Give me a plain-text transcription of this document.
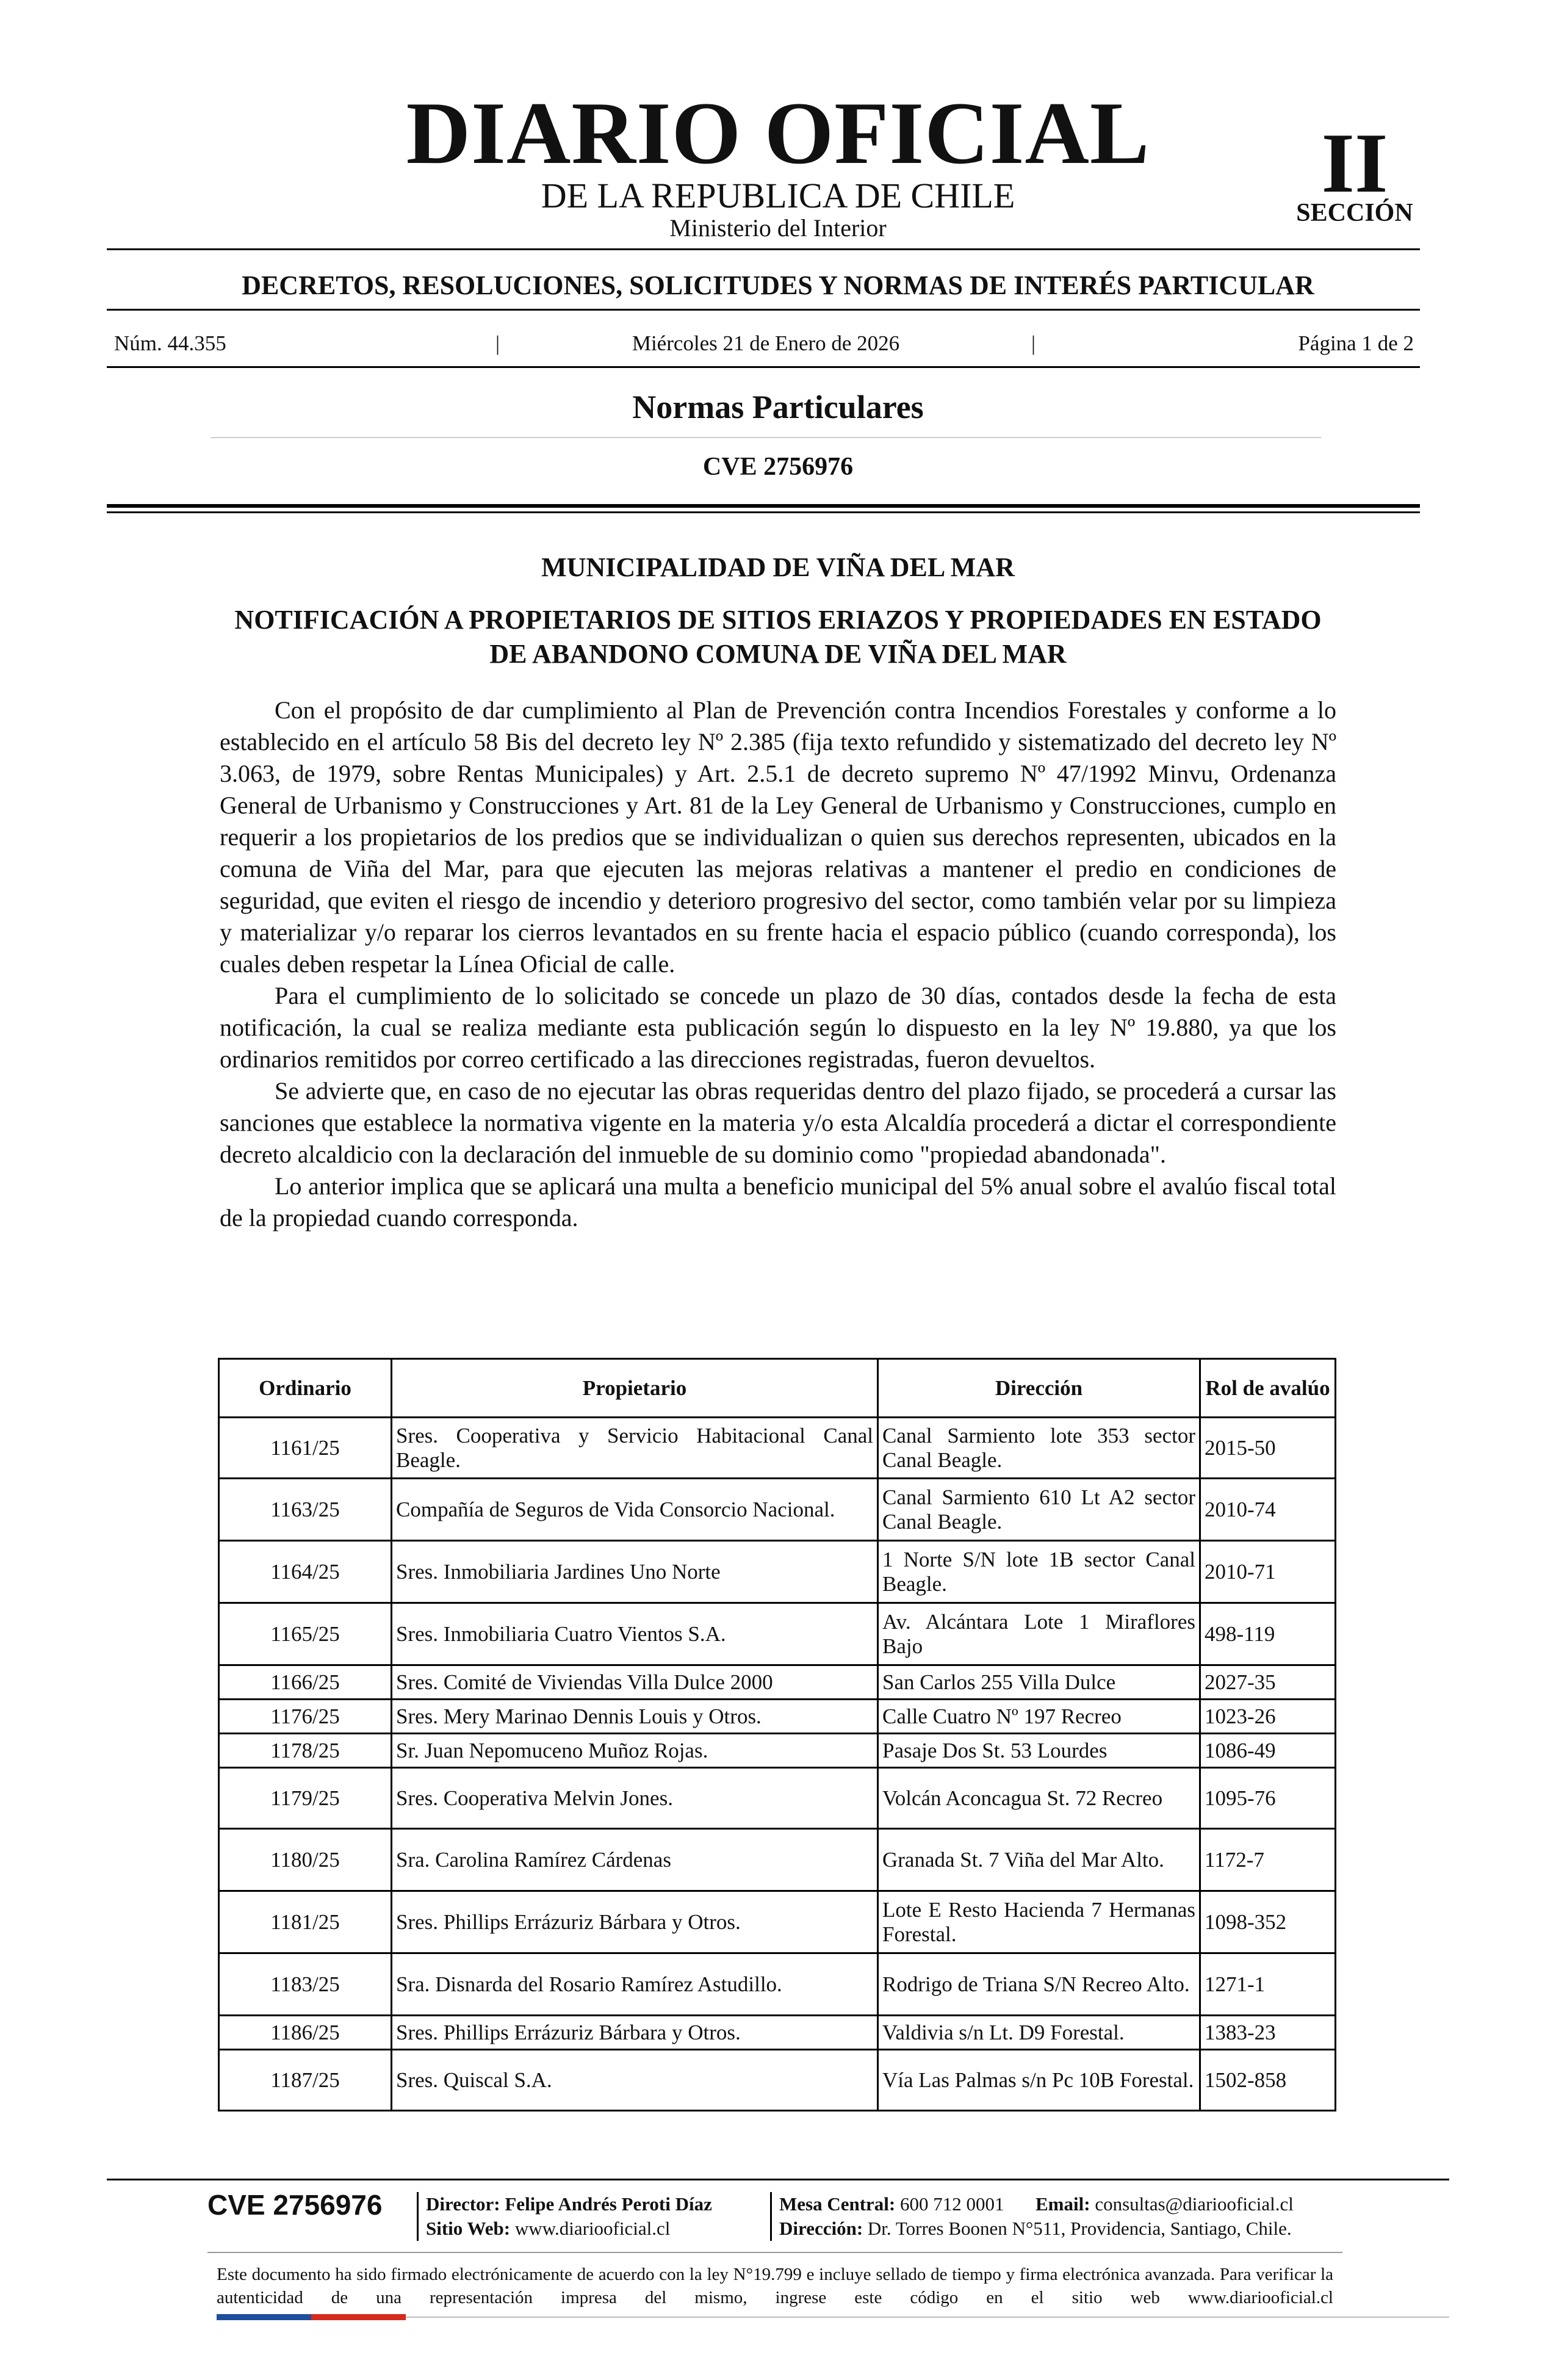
DIARIO OFICIAL
DE LA REPUBLICA DE CHILE
Ministerio del Interior
II
SECCIÓN
DECRETOS, RESOLUCIONES, SOLICITUDES Y NORMAS DE INTERÉS PARTICULAR
Núm. 44.355	|	Miércoles 21 de Enero de 2026	|	Página 1 de 2
Normas Particulares
CVE 2756976
MUNICIPALIDAD DE VIÑA DEL MAR
NOTIFICACIÓN A PROPIETARIOS DE SITIOS ERIAZOS Y PROPIEDADES EN ESTADO DE ABANDONO COMUNA DE VIÑA DEL MAR

Con el propósito de dar cumplimiento al Plan de Prevención contra Incendios Forestales y conforme a lo establecido en el artículo 58 Bis del decreto ley Nº 2.385 (fija texto refundido y sistematizado del decreto ley Nº 3.063, de 1979, sobre Rentas Municipales) y Art. 2.5.1 de decreto supremo Nº 47/1992 Minvu, Ordenanza General de Urbanismo y Construcciones y Art. 81 de la Ley General de Urbanismo y Construcciones, cumplo en requerir a los propietarios de los predios que se individualizan o quien sus derechos representen, ubicados en la comuna de Viña del Mar, para que ejecuten las mejoras relativas a mantener el predio en condiciones de seguridad, que eviten el riesgo de incendio y deterioro progresivo del sector, como también velar por su limpieza y materializar y/o reparar los cierros levantados en su frente hacia el espacio público (cuando corresponda), los cuales deben respetar la Línea Oficial de calle.

Para el cumplimiento de lo solicitado se concede un plazo de 30 días, contados desde la fecha de esta notificación, la cual se realiza mediante esta publicación según lo dispuesto en la ley Nº 19.880, ya que los ordinarios remitidos por correo certificado a las direcciones registradas, fueron devueltos.

Se advierte que, en caso de no ejecutar las obras requeridas dentro del plazo fijado, se procederá a cursar las sanciones que establece la normativa vigente en la materia y/o esta Alcaldía procederá a dictar el correspondiente decreto alcaldicio con la declaración del inmueble de su dominio como "propiedad abandonada".

Lo anterior implica que se aplicará una multa a beneficio municipal del 5% anual sobre el avalúo fiscal total de la propiedad cuando corresponda.

Ordinario	Propietario	Dirección	Rol de avalúo
1161/25	Sres. Cooperativa y Servicio Habitacional Canal Beagle.	Canal Sarmiento lote 353 sector Canal Beagle.	2015-50
1163/25	Compañía de Seguros de Vida Consorcio Nacional.	Canal Sarmiento 610 Lt A2 sector Canal Beagle.	2010-74
1164/25	Sres. Inmobiliaria Jardines Uno Norte	1 Norte S/N lote 1B sector Canal Beagle.	2010-71
1165/25	Sres. Inmobiliaria Cuatro Vientos S.A.	Av. Alcántara Lote 1 Miraflores Bajo	498-119
1166/25	Sres. Comité de Viviendas Villa Dulce 2000	San Carlos 255 Villa Dulce	2027-35
1176/25	Sres. Mery Marinao Dennis Louis y Otros.	Calle Cuatro Nº 197 Recreo	1023-26
1178/25	Sr. Juan Nepomuceno Muñoz Rojas.	Pasaje Dos St. 53 Lourdes	1086-49
1179/25	Sres. Cooperativa Melvin Jones.	Volcán Aconcagua St. 72 Recreo	1095-76
1180/25	Sra. Carolina Ramírez Cárdenas	Granada St. 7 Viña del Mar Alto.	1172-7
1181/25	Sres. Phillips Errázuriz Bárbara y Otros.	Lote E Resto Hacienda 7 Hermanas Forestal.	1098-352
1183/25	Sra. Disnarda del Rosario Ramírez Astudillo.	Rodrigo de Triana S/N Recreo Alto.	1271-1
1186/25	Sres. Phillips Errázuriz Bárbara y Otros.	Valdivia s/n Lt. D9 Forestal.	1383-23
1187/25	Sres. Quiscal S.A.	Vía Las Palmas s/n Pc 10B Forestal.	1502-858
CVE 2756976	Director: Felipe Andrés Peroti Díaz
Sitio Web: www.diariooficial.cl
Mesa Central: 600 712 0001 Email: consultas@diariooficial.cl
Dirección: Dr. Torres Boonen N°511, Providencia, Santiago, Chile.
Este documento ha sido firmado electrónicamente de acuerdo con la ley N°19.799 e incluye sellado de tiempo y firma electrónica avanzada. Para verificar la autenticidad de una representación impresa del mismo, ingrese este código en el sitio web www.diariooficial.cl
